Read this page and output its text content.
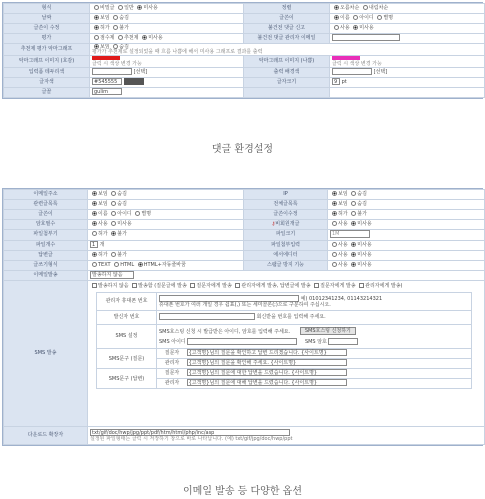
형식	비밀글 일반 미사용	정렬	오름차순 내림차순
날짜	보임 숨김	글쓴이	이름 아이디 별명
글쓴이 수정	허가 불가	불건전 댓글 신고	사용 미사용
평가	점수제 추천제 미사용	불건전 댓글 관리자 이메일	
추천제 평가 악마그래프	보임 숨김
평가가 추천제로 설정되었을 때 흐름 나쁨에 해서 미사용 그래프로 결과를 출력		
악마그래프 이미지 (호감)	클릭 시 색상 변경 가능	악마그래프 이미지 (나쁨)	클릭 시 색상 변경 가능
입력폼 테두리색	[선택]	출력 배경색	[선택]
글자색	#545555	글자크기	9 pt
글꼴	gulim		
댓글 환경설정
이메일주소	보임 숨김	IP	보임 숨김
관련글목록	보임 숨김	전체글목록	보임 숨김
글쓴이	이름 아이디 별명	글쓴이수정	허가 불가
암호필수	사용 미사용	⚷비회원개글	사용 미사용
파일첨부기	허가 불가	파일크기	1M
파일개수	1 개	파일첨부입력	사용 미사용
답변글	허가 불가	에서에디터	사용 미사용
글쓰기형식	TEXT HTML HTML+자동줄바꿈	스팸글 방지 기능	사용 미사용
이메일발송	발송하지 않음
SMS 발송	
발송하지 않음 발송함 (질문글에 발송 질문자에게 발송 관리자에게 발송, 답변글에 발송 질문자에게 발송 관리자에게 발송)
관리자 휴대폰 번호	예) 01012341234, 01143214321
휴대폰 번호가 여러 개일 경우 쉼표(,) 또는 세미콜론(;)으로 구분하여 주십시오.
발신자 번호	회신받을 번호를 입력해 주세요.
SMS 설정	SMS호스팅 신청 시 발급받은 아이디, 암호를 입력해 주세요.	SMS호스팅 신청하기
SMS 아이디	SMS 암호
SMS문구 (질문)	질문자 {고객명}님의 질문을 확인하고 답변 드리겠습니다. {사이트명}
관리자 {고객명}님의 질문을 확인해 주세요. {사이트명}
SMS문구 (답변)	질문자 {고객명}님의 질문에 대한 답변을 드렸습니다. {사이트명}
관리자 {고객명}님의 질문에 대해 답변을 드렸습니다. {사이트명}

다운로드 확장자	txt/gif/doc/hwp/jpg/ppt/pdf/htm/html/php/inc/asp
설정된 파일형태는 클릭 시 저장하기 창으로 바로 나타납니다. (예) txt/gif/jpg/doc/hwp/ppt
이메일 발송 등 다양한 옵션
